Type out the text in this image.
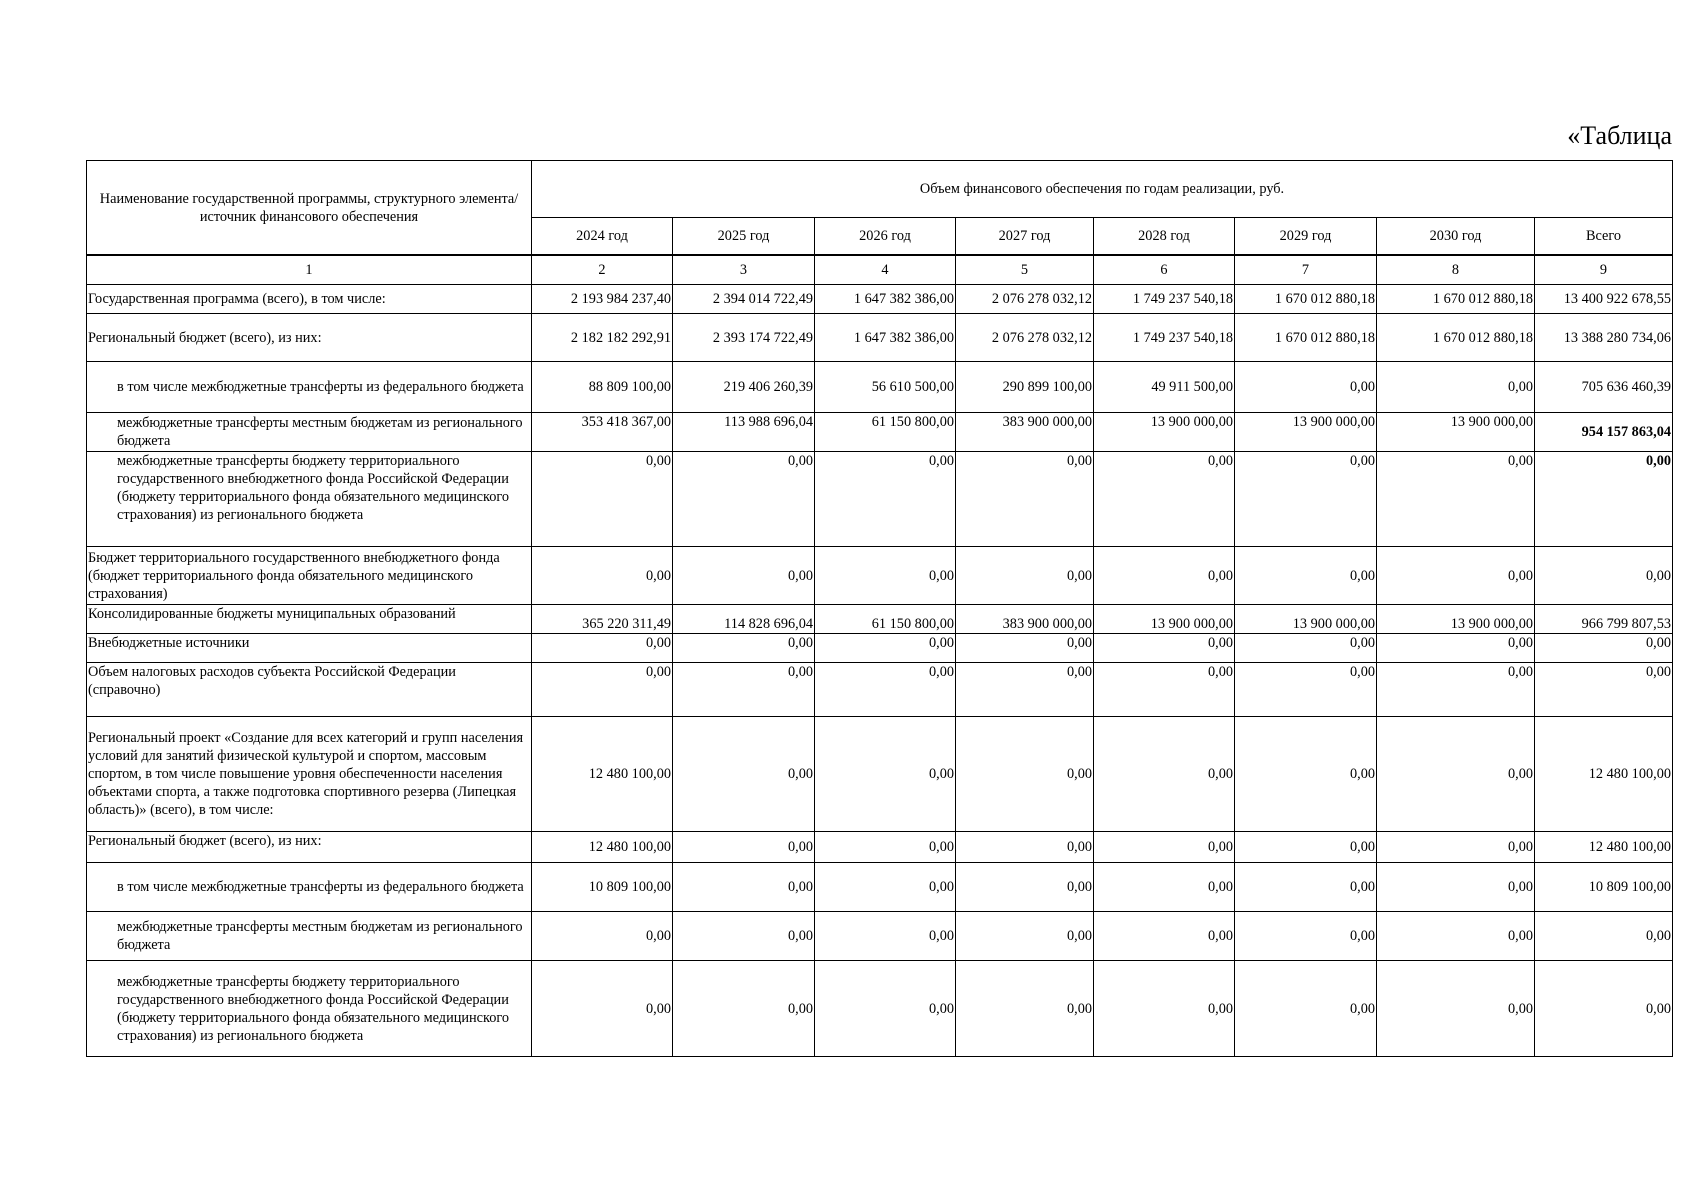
«Таблица
Наименование государственной программы, структурного элемента/источник финансового обеспечения	Объем финансового обеспечения по годам реализации, руб.							
	2024 год	2025 год	2026 год	2027 год	2028 год	2029 год	2030 год	Всего
1	2	3	4	5	6	7	8	9
Государственная программа (всего), в том числе:	2 193 984 237,40	2 394 014 722,49	1 647 382 386,00	2 076 278 032,12	1 749 237 540,18	1 670 012 880,18	1 670 012 880,18	13 400 922 678,55
Региональный бюджет (всего), из них:	2 182 182 292,91	2 393 174 722,49	1 647 382 386,00	2 076 278 032,12	1 749 237 540,18	1 670 012 880,18	1 670 012 880,18	13 388 280 734,06
в том числе межбюджетные трансферты из федерального бюджета	88 809 100,00	219 406 260,39	56 610 500,00	290 899 100,00	49 911 500,00	0,00	0,00	705 636 460,39
межбюджетные трансферты местным бюджетам из регионального бюджета	353 418 367,00	113 988 696,04	61 150 800,00	383 900 000,00	13 900 000,00	13 900 000,00	13 900 000,00	954 157 863,04
межбюджетные трансферты бюджету территориального государственного внебюджетного фонда Российской Федерации (бюджету территориального фонда обязательного медицинского страхования) из регионального бюджета	0,00	0,00	0,00	0,00	0,00	0,00	0,00	0,00
Бюджет территориального государственного внебюджетного фонда (бюджет территориального фонда обязательного медицинского страхования)	0,00	0,00	0,00	0,00	0,00	0,00	0,00	0,00
Консолидированные бюджеты муниципальных образований	365 220 311,49	114 828 696,04	61 150 800,00	383 900 000,00	13 900 000,00	13 900 000,00	13 900 000,00	966 799 807,53
Внебюджетные источники	0,00	0,00	0,00	0,00	0,00	0,00	0,00	0,00
Объем налоговых расходов субъекта Российской Федерации (справочно)	0,00	0,00	0,00	0,00	0,00	0,00	0,00	0,00
Региональный проект «Создание для всех категорий и групп населения условий для занятий физической культурой и спортом, массовым спортом, в том числе повышение уровня обеспеченности населения объектами спорта, а также подготовка спортивного резерва (Липецкая область)» (всего), в том числе:	12 480 100,00	0,00	0,00	0,00	0,00	0,00	0,00	12 480 100,00
Региональный бюджет (всего), из них:	12 480 100,00	0,00	0,00	0,00	0,00	0,00	0,00	12 480 100,00
в том числе межбюджетные трансферты из федерального бюджета	10 809 100,00	0,00	0,00	0,00	0,00	0,00	0,00	10 809 100,00
межбюджетные трансферты местным бюджетам из регионального бюджета	0,00	0,00	0,00	0,00	0,00	0,00	0,00	0,00
межбюджетные трансферты бюджету территориального государственного внебюджетного фонда Российской Федерации (бюджету территориального фонда обязательного медицинского страхования) из регионального бюджета	0,00	0,00	0,00	0,00	0,00	0,00	0,00	0,00
